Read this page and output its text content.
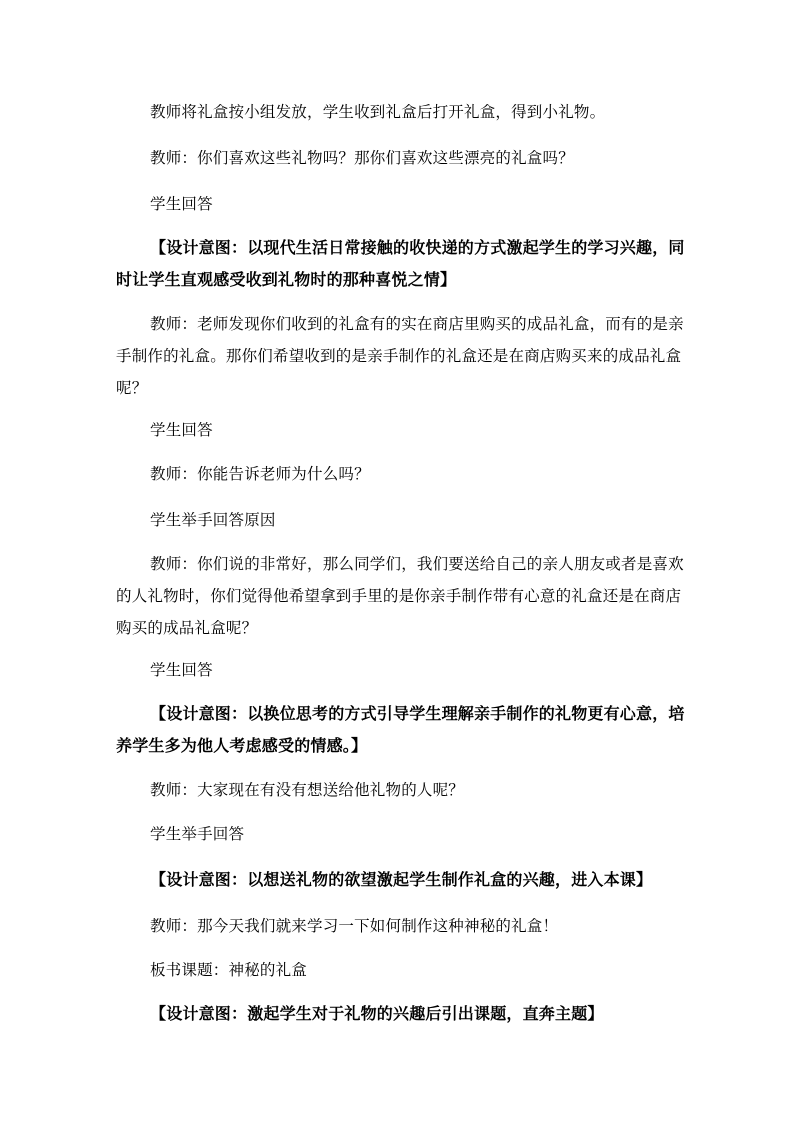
教师将礼盒按小组发放，学生收到礼盒后打开礼盒，得到小礼物。

教师：你们喜欢这些礼物吗？那你们喜欢这些漂亮的礼盒吗？

学生回答

【设计意图：以现代生活日常接触的收快递的方式激起学生的学习兴趣，同时让学生直观感受收到礼物时的那种喜悦之情】

教师：老师发现你们收到的礼盒有的实在商店里购买的成品礼盒，而有的是亲手制作的礼盒。那你们希望收到的是亲手制作的礼盒还是在商店购买来的成品礼盒呢？

学生回答

教师：你能告诉老师为什么吗？

学生举手回答原因

教师：你们说的非常好，那么同学们，我们要送给自己的亲人朋友或者是喜欢的人礼物时，你们觉得他希望拿到手里的是你亲手制作带有心意的礼盒还是在商店购买的成品礼盒呢？

学生回答

【设计意图：以换位思考的方式引导学生理解亲手制作的礼物更有心意，培养学生多为他人考虑感受的情感。】

教师：大家现在有没有想送给他礼物的人呢？

学生举手回答

【设计意图：以想送礼物的欲望激起学生制作礼盒的兴趣，进入本课】

教师：那今天我们就来学习一下如何制作这种神秘的礼盒！

板书课题：神秘的礼盒

【设计意图：激起学生对于礼物的兴趣后引出课题，直奔主题】
